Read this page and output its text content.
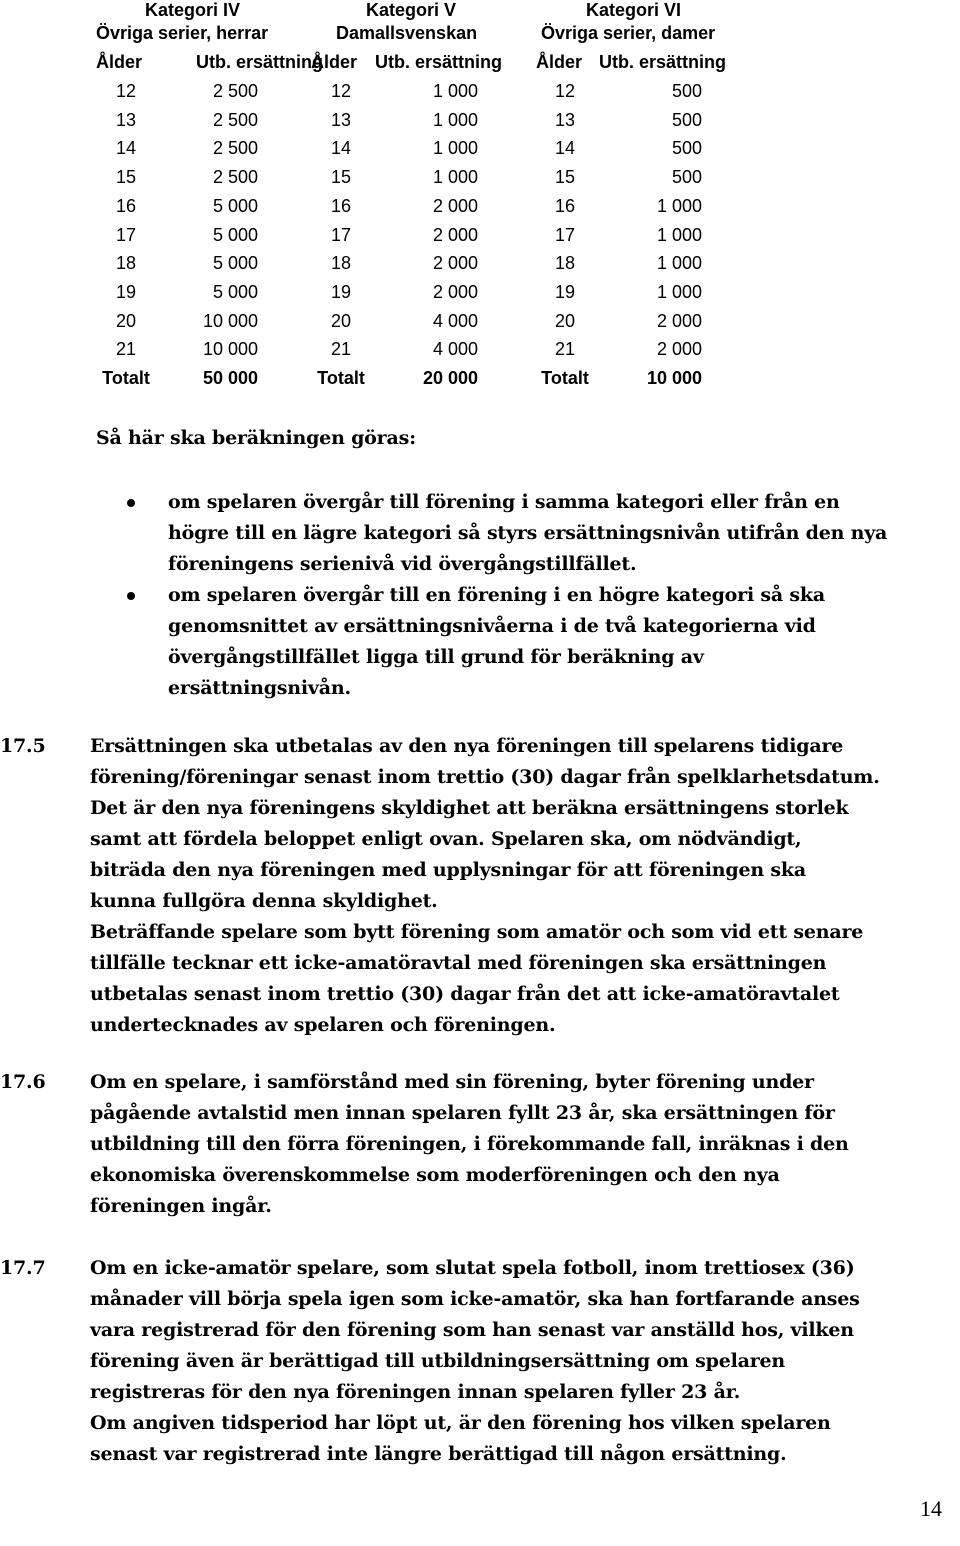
Kategori IV
Övriga serier, herrar
Kategori V
Damallsvenskan
Kategori VI
Övriga serier, damer
Ålder	Utb. ersättning
Ålder Utb. ersättning Ålder Utb. ersättning
12	2 500	12	1 000	12	500
13	2 500	13	1 000	13	500
14	2 500	14	1 000	14	500
15	2 500	15	1 000	15	500
16	5 000	16	2 000	16	1 000
17	5 000	17	2 000	17	1 000
18	5 000	18	2 000	18	1 000
19	5 000	19	2 000	19	1 000
20	10 000	20	4 000	20	2 000
21	10 000	21	4 000	21	2 000
Totalt	50 000	Totalt	20 000	Totalt	10 000
Så här ska beräkningen göras:
om spelaren övergår till förening i samma kategori eller från en
högre till en lägre kategori så styrs ersättningsnivån utifrån den nya
föreningens serienivå vid övergångstillfället.
om spelaren övergår till en förening i en högre kategori så ska
genomsnittet av ersättningsnivåerna i de två kategorierna vid
övergångstillfället ligga till grund för beräkning av
ersättningsnivån.
17.5 Ersättningen ska utbetalas av den nya föreningen till spelarens tidigare
förening/föreningar senast inom trettio (30) dagar från spelklarhetsdatum.
Det är den nya föreningens skyldighet att beräkna ersättningens storlek
samt att fördela beloppet enligt ovan. Spelaren ska, om nödvändigt,
biträda den nya föreningen med upplysningar för att föreningen ska
kunna fullgöra denna skyldighet.
Beträffande spelare som bytt förening som amatör och som vid ett senare
tillfälle tecknar ett icke-amatöravtal med föreningen ska ersättningen
utbetalas senast inom trettio (30) dagar från det att icke-amatöravtalet
undertecknades av spelaren och föreningen.
17.6 Om en spelare, i samförstånd med sin förening, byter förening under
pågående avtalstid men innan spelaren fyllt 23 år, ska ersättningen för
utbildning till den förra föreningen, i förekommande fall, inräknas i den
ekonomiska överenskommelse som moderföreningen och den nya
föreningen ingår.
17.7 Om en icke-amatör spelare, som slutat spela fotboll, inom trettiosex (36)
månader vill börja spela igen som icke-amatör, ska han fortfarande anses
vara registrerad för den förening som han senast var anställd hos, vilken
förening även är berättigad till utbildningsersättning om spelaren
registreras för den nya föreningen innan spelaren fyller 23 år.
Om angiven tidsperiod har löpt ut, är den förening hos vilken spelaren
senast var registrerad inte längre berättigad till någon ersättning.
14
